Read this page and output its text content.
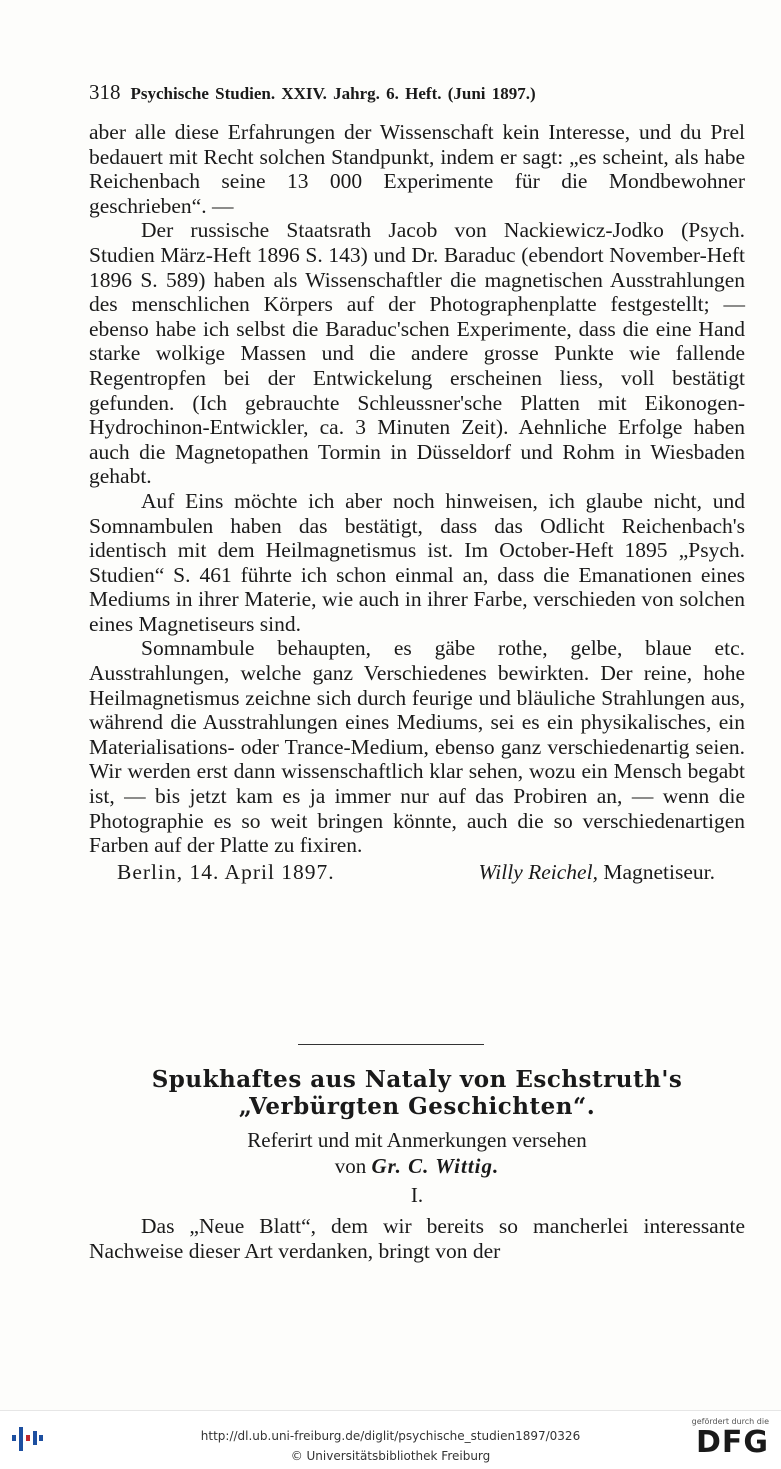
318 Psychische Studien. XXIV. Jahrg. 6. Heft. (Juni 1897.)

aber alle diese Erfahrungen der Wissenschaft kein Interesse, und du Prel bedauert mit Recht solchen Standpunkt, indem er sagt: „es scheint, als habe Reichenbach seine 13 000 Experimente für die Mondbewohner geschrieben“. —

Der russische Staatsrath Jacob von Nackiewicz-Jodko (Psych. Studien März-Heft 1896 S. 143) und Dr. Baraduc (ebendort November-Heft 1896 S. 589) haben als Wissenschaftler die magnetischen Ausstrahlungen des menschlichen Körpers auf der Photographenplatte festgestellt; — ebenso habe ich selbst die Baraduc'schen Experimente, dass die eine Hand starke wolkige Massen und die andere grosse Punkte wie fallende Regentropfen bei der Entwickelung erscheinen liess, voll bestätigt gefunden. (Ich gebrauchte Schleussner'sche Platten mit Eikonogen-Hydrochinon-Entwickler, ca. 3 Minuten Zeit). Aehnliche Erfolge haben auch die Magnetopathen Tormin in Düsseldorf und Rohm in Wiesbaden gehabt.

Auf Eins möchte ich aber noch hinweisen, ich glaube nicht, und Somnambulen haben das bestätigt, dass das Odlicht Reichenbach's identisch mit dem Heilmagnetismus ist. Im October-Heft 1895 „Psych. Studien“ S. 461 führte ich schon einmal an, dass die Emanationen eines Mediums in ihrer Materie, wie auch in ihrer Farbe, verschieden von solchen eines Magnetiseurs sind.

Somnambule behaupten, es gäbe rothe, gelbe, blaue etc. Ausstrahlungen, welche ganz Verschiedenes bewirkten. Der reine, hohe Heilmagnetismus zeichne sich durch feurige und bläuliche Strahlungen aus, während die Ausstrahlungen eines Mediums, sei es ein physikalisches, ein Materialisations- oder Trance-Medium, ebenso ganz verschiedenartig seien. Wir werden erst dann wissenschaftlich klar sehen, wozu ein Mensch begabt ist, — bis jetzt kam es ja immer nur auf das Probiren an, — wenn die Photographie es so weit bringen könnte, auch die so verschiedenartigen Farben auf der Platte zu fixiren.

Berlin, 14. April 1897.	Willy Reichel, Magnetiseur.
Spukhaftes aus Nataly von Eschstruth's
„Verbürgten Geschichten“.
Referirt und mit Anmerkungen versehen
von Gr. C. Wittig.
I.

Das „Neue Blatt“, dem wir bereits so mancherlei interessante Nachweise dieser Art verdanken, bringt von der

http://dl.ub.uni-freiburg.de/diglit/psychische_studien1897/0326
© Universitätsbibliothek Freiburg
gefördert durch die
DFG
